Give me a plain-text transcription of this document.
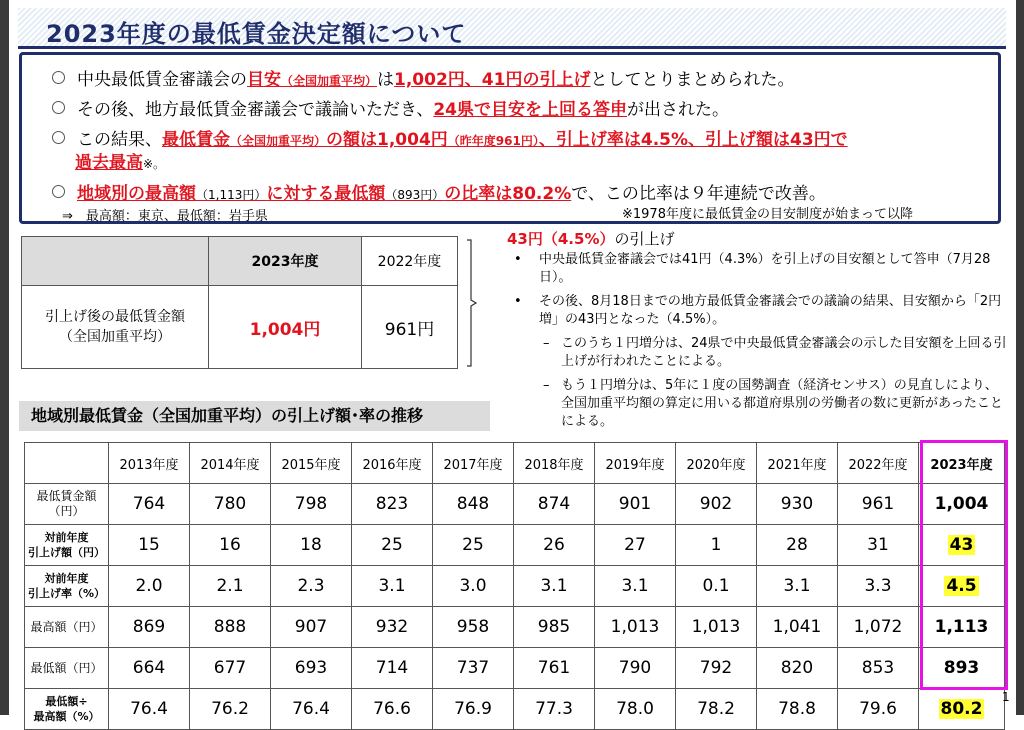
2023年度の最低賃金決定額について
中央最低賃金審議会の目安（全国加重平均）は1,002円、41円の引上げとしてとりまとめられた。
その後、地方最低賃金審議会で議論いただき、24県で目安を上回る答申が出された。
この結果、最低賃金（全国加重平均）の額は1,004円（昨年度961円）、引上げ率は4.5%、引上げ額は43円で
過去最高※。
※1978年度に最低賃金の目安制度が始まって以降
地域別の最高額（1,113円）に対する最低額（893円）の比率は80.2%で、この比率は９年連続で改善。
⇒　最高額：東京、最低額：岩手県
	2023年度	2022年度
引上げ後の最低賃金額
（全国加重平均）	1,004円	961円
43円（4.5%）の引上げ
• 中央最低賃金審議会では41円（4.3%）を引上げの目安額として答申（7月28日）。
• その後、8月18日までの地方最低賃金審議会での議論の結果、目安額から「2円増」の43円となった（4.5%）。
– このうち１円増分は、24県で中央最低賃金審議会の示した目安額を上回る引上げが行われたことによる。
– もう１円増分は、5年に１度の国勢調査（経済センサス）の見直しにより、全国加重平均額の算定に用いる都道府県別の労働者の数に更新があったことによる。
地域別最低賃金（全国加重平均）の引上げ額･率の推移
	2013年度	2014年度	2015年度	2016年度	2017年度	2018年度	2019年度	2020年度	2021年度	2022年度	2023年度
最低賃金額
（円）	764	780	798	823	848	874	901	902	930	961	1,004
対前年度
引上げ額（円）	15	16	18	25	25	26	27	1	28	31	43
対前年度
引上げ率（%）	2.0	2.1	2.3	3.1	3.0	3.1	3.1	0.1	3.1	3.3	4.5
最高額（円）	869	888	907	932	958	985	1,013	1,013	1,041	1,072	1,113
最低額（円）	664	677	693	714	737	761	790	792	820	853	893
最低額÷
最高額（%）	76.4	76.2	76.4	76.6	76.9	77.3	78.0	78.2	78.8	79.6	80.2
1
